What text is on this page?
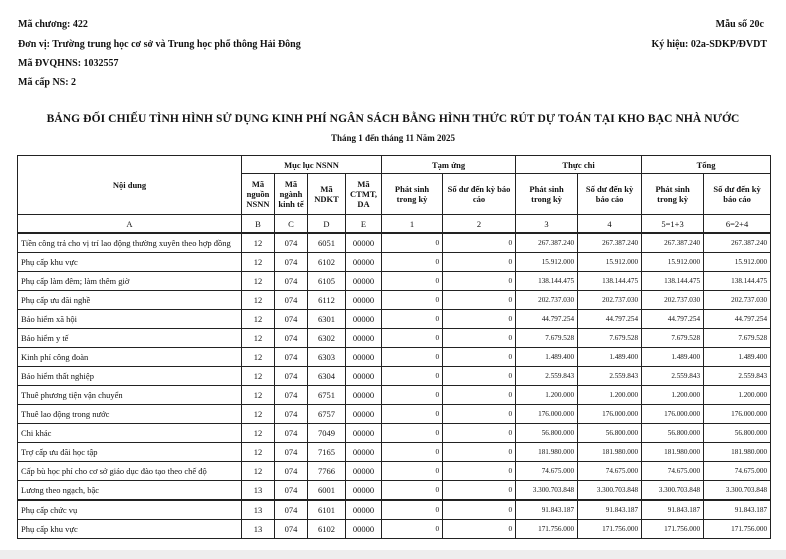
Mã chương: 422
Đơn vị: Trường trung học cơ sở và Trung học phổ thông Hải Đông
Mã ĐVQHNS: 1032557
Mã cấp NS: 2
Mẫu số 20c
Ký hiệu: 02a-SDKP/ĐVDT
BẢNG ĐỐI CHIẾU TÌNH HÌNH SỬ DỤNG KINH PHÍ NGÂN SÁCH BẰNG HÌNH THỨC RÚT DỰ TOÁN TẠI KHO BẠC NHÀ NƯỚC
Tháng 1 đến tháng 11 Năm 2025
Nội dung	Mục lục NSNN				Tạm ứng		Thực chi		Tổng	
	Mã nguồn NSNN	Mã ngành kinh tế	Mã NDKT	Mã CTMT, DA	Phát sinh trong kỳ	Số dư đến kỳ báo cáo	Phát sinh trong kỳ	Số dư đến kỳ báo cáo	Phát sinh trong kỳ	Số dư đến kỳ báo cáo
A	B	C	D	E	1	2	3	4	5=1+3	6=2+4
Tiền công trả cho vị trí lao động thường xuyên theo hợp đồng	12	074	6051	00000	0	0	267.387.240	267.387.240	267.387.240	267.387.240
Phụ cấp khu vực	12	074	6102	00000	0	0	15.912.000	15.912.000	15.912.000	15.912.000
Phụ cấp làm đêm; làm thêm giờ	12	074	6105	00000	0	0	138.144.475	138.144.475	138.144.475	138.144.475
Phụ cấp ưu đãi nghề	12	074	6112	00000	0	0	202.737.030	202.737.030	202.737.030	202.737.030
Bảo hiểm xã hội	12	074	6301	00000	0	0	44.797.254	44.797.254	44.797.254	44.797.254
Bảo hiểm y tế	12	074	6302	00000	0	0	7.679.528	7.679.528	7.679.528	7.679.528
Kinh phí công đoàn	12	074	6303	00000	0	0	1.489.400	1.489.400	1.489.400	1.489.400
Bảo hiểm thất nghiệp	12	074	6304	00000	0	0	2.559.843	2.559.843	2.559.843	2.559.843
Thuê phương tiện vận chuyển	12	074	6751	00000	0	0	1.200.000	1.200.000	1.200.000	1.200.000
Thuê lao động trong nước	12	074	6757	00000	0	0	176.000.000	176.000.000	176.000.000	176.000.000
Chi khác	12	074	7049	00000	0	0	56.800.000	56.800.000	56.800.000	56.800.000
Trợ cấp ưu đãi học tập	12	074	7165	00000	0	0	181.980.000	181.980.000	181.980.000	181.980.000
Cấp bù học phí cho cơ sở giáo dục đào tạo theo chế độ	12	074	7766	00000	0	0	74.675.000	74.675.000	74.675.000	74.675.000
Lương theo ngạch, bậc	13	074	6001	00000	0	0	3.300.703.848	3.300.703.848	3.300.703.848	3.300.703.848
Phụ cấp chức vụ	13	074	6101	00000	0	0	91.843.187	91.843.187	91.843.187	91.843.187
Phụ cấp khu vực	13	074	6102	00000	0	0	171.756.000	171.756.000	171.756.000	171.756.000
